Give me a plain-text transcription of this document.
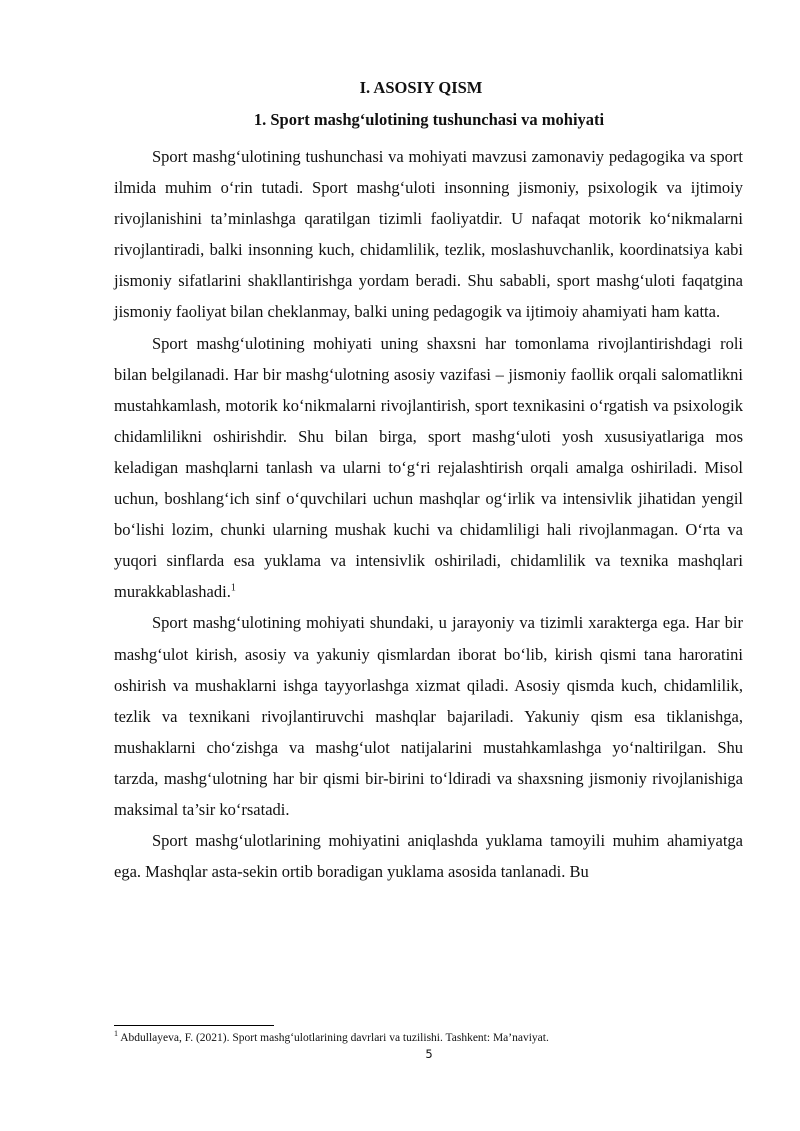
I. ASOSIY QISM
1. Sport mashg‘ulotining tushunchasi va mohiyati

Sport mashg‘ulotining tushunchasi va mohiyati mavzusi zamonaviy pedagogika va sport ilmida muhim o‘rin tutadi. Sport mashg‘uloti insonning jismoniy, psixologik va ijtimoiy rivojlanishini ta’minlashga qaratilgan tizimli faoliyatdir. U nafaqat motorik ko‘nikmalarni rivojlantiradi, balki insonning kuch, chidamlilik, tezlik, moslashuvchanlik, koordinatsiya kabi jismoniy sifatlarini shakllantirishga yordam beradi. Shu sababli, sport mashg‘uloti faqatgina jismoniy faoliyat bilan cheklanmay, balki uning pedagogik va ijtimoiy ahamiyati ham katta.

Sport mashg‘ulotining mohiyati uning shaxsni har tomonlama rivojlantirishdagi roli bilan belgilanadi. Har bir mashg‘ulotning asosiy vazifasi – jismoniy faollik orqali salomatlikni mustahkamlash, motorik ko‘nikmalarni rivojlantirish, sport texnikasini o‘rgatish va psixologik chidamlilikni oshirishdir. Shu bilan birga, sport mashg‘uloti yosh xususiyatlariga mos keladigan mashqlarni tanlash va ularni to‘g‘ri rejalashtirish orqali amalga oshiriladi. Misol uchun, boshlang‘ich sinf o‘quvchilari uchun mashqlar og‘irlik va intensivlik jihatidan yengil bo‘lishi lozim, chunki ularning mushak kuchi va chidamliligi hali rivojlanmagan. O‘rta va yuqori sinflarda esa yuklama va intensivlik oshiriladi, chidamlilik va texnika mashqlari murakkablashadi.$^1$

Sport mashg‘ulotining mohiyati shundaki, u jarayoniy va tizimli xarakterga ega. Har bir mashg‘ulot kirish, asosiy va yakuniy qismlardan iborat bo‘lib, kirish qismi tana haroratini oshirish va mushaklarni ishga tayyorlashga xizmat qiladi. Asosiy qismda kuch, chidamlilik, tezlik va texnikani rivojlantiruvchi mashqlar bajariladi. Yakuniy qism esa tiklanishga, mushaklarni cho‘zishga va mashg‘ulot natijalarini mustahkamlashga yo‘naltirilgan. Shu tarzda, mashg‘ulotning har bir qismi bir-birini to‘ldiradi va shaxsning jismoniy rivojlanishiga maksimal ta’sir ko‘rsatadi.

Sport mashg‘ulotlarining mohiyatini aniqlashda yuklama tamoyili muhim ahamiyatga ega. Mashqlar asta-sekin ortib boradigan yuklama asosida tanlanadi. Bu

$^1$ Abdullayeva, F. (2021). Sport mashg‘ulotlarining davrlari va tuzilishi. Tashkent: Ma’naviyat.
5
